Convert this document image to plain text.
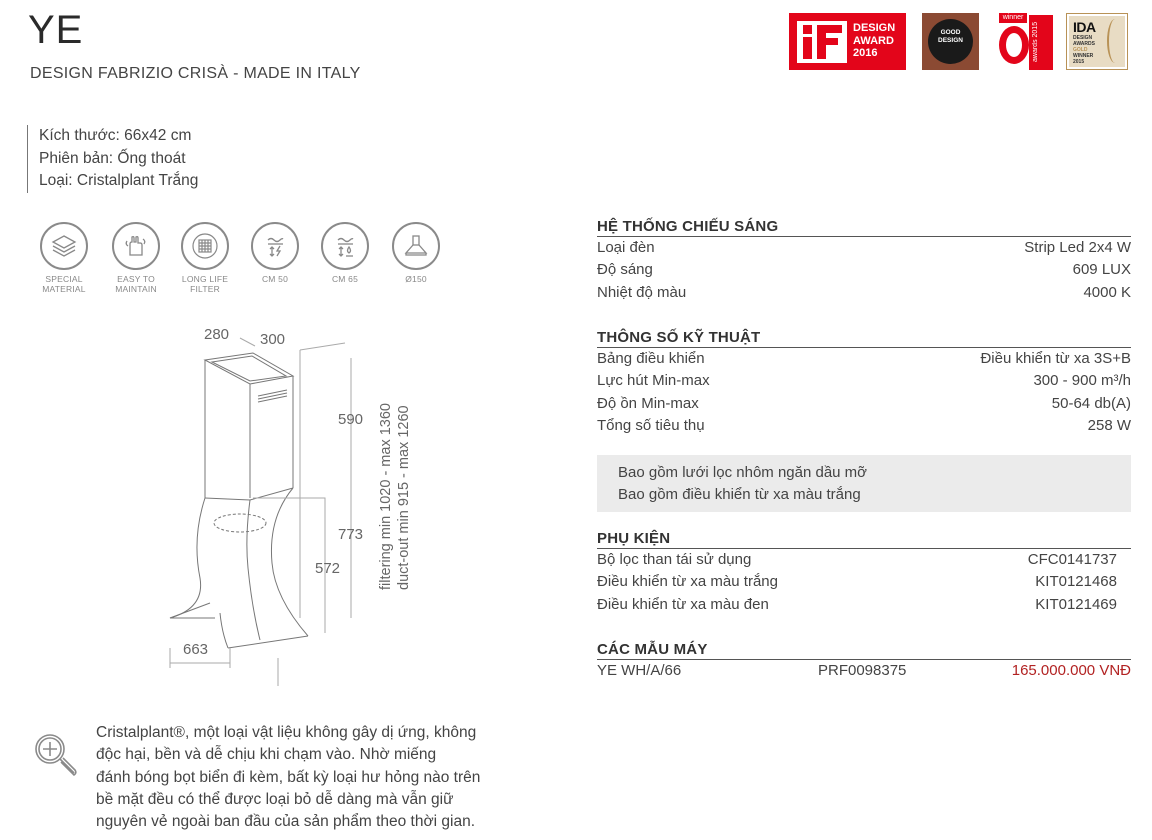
YE
DESIGN FABRIZIO CRISÀ - MADE IN ITALY
DESIGN
AWARD
2016
GOOD
DESIGN
winner
awards 2015	IDA
DESIGN
AWARDS
GOLD
WINNER
2015
Kích thước: 66x42 cm
Phiên bản: Ống thoát
Loại: Cristalplant Trắng
SPECIAL
MATERIAL
EASY TO
MAINTAIN
LONG LIFE
FILTER
CM 50	CM 65	Ø150
280 300
590
773
572
663
filtering min 1020 - max 1360 duct-out min 915 - max 1260
HỆ THỐNG CHIẾU SÁNG
Loại đèn	Strip Led 2x4 W
Độ sáng	609 LUX
Nhiệt độ màu	4000 K
THÔNG SỐ KỸ THUẬT
Bảng điều khiển	Điều khiển từ xa 3S+B
Lực hút Min-max	300 - 900 m³/h
Độ ồn Min-max	50-64 db(A)
Tổng số tiêu thụ	258 W
Bao gồm lưới lọc nhôm ngăn dầu mỡ
Bao gồm điều khiển từ xa màu trắng
PHỤ KIỆN
Bộ lọc than tái sử dụng	CFC0141737
Điều khiển từ xa màu trắng	KIT0121468
Điều khiển từ xa màu đen	KIT0121469
CÁC MẪU MÁY
YE WH/A/66	PRF0098375	165.000.000 VNĐ
Cristalplant®, một loại vật liệu không gây dị ứng, không
độc hại, bền và dễ chịu khi chạm vào. Nhờ miếng
đánh bóng bọt biển đi kèm, bất kỳ loại hư hỏng nào trên
bề mặt đều có thể được loại bỏ dễ dàng mà vẫn giữ
nguyên vẻ ngoài ban đầu của sản phẩm theo thời gian.
